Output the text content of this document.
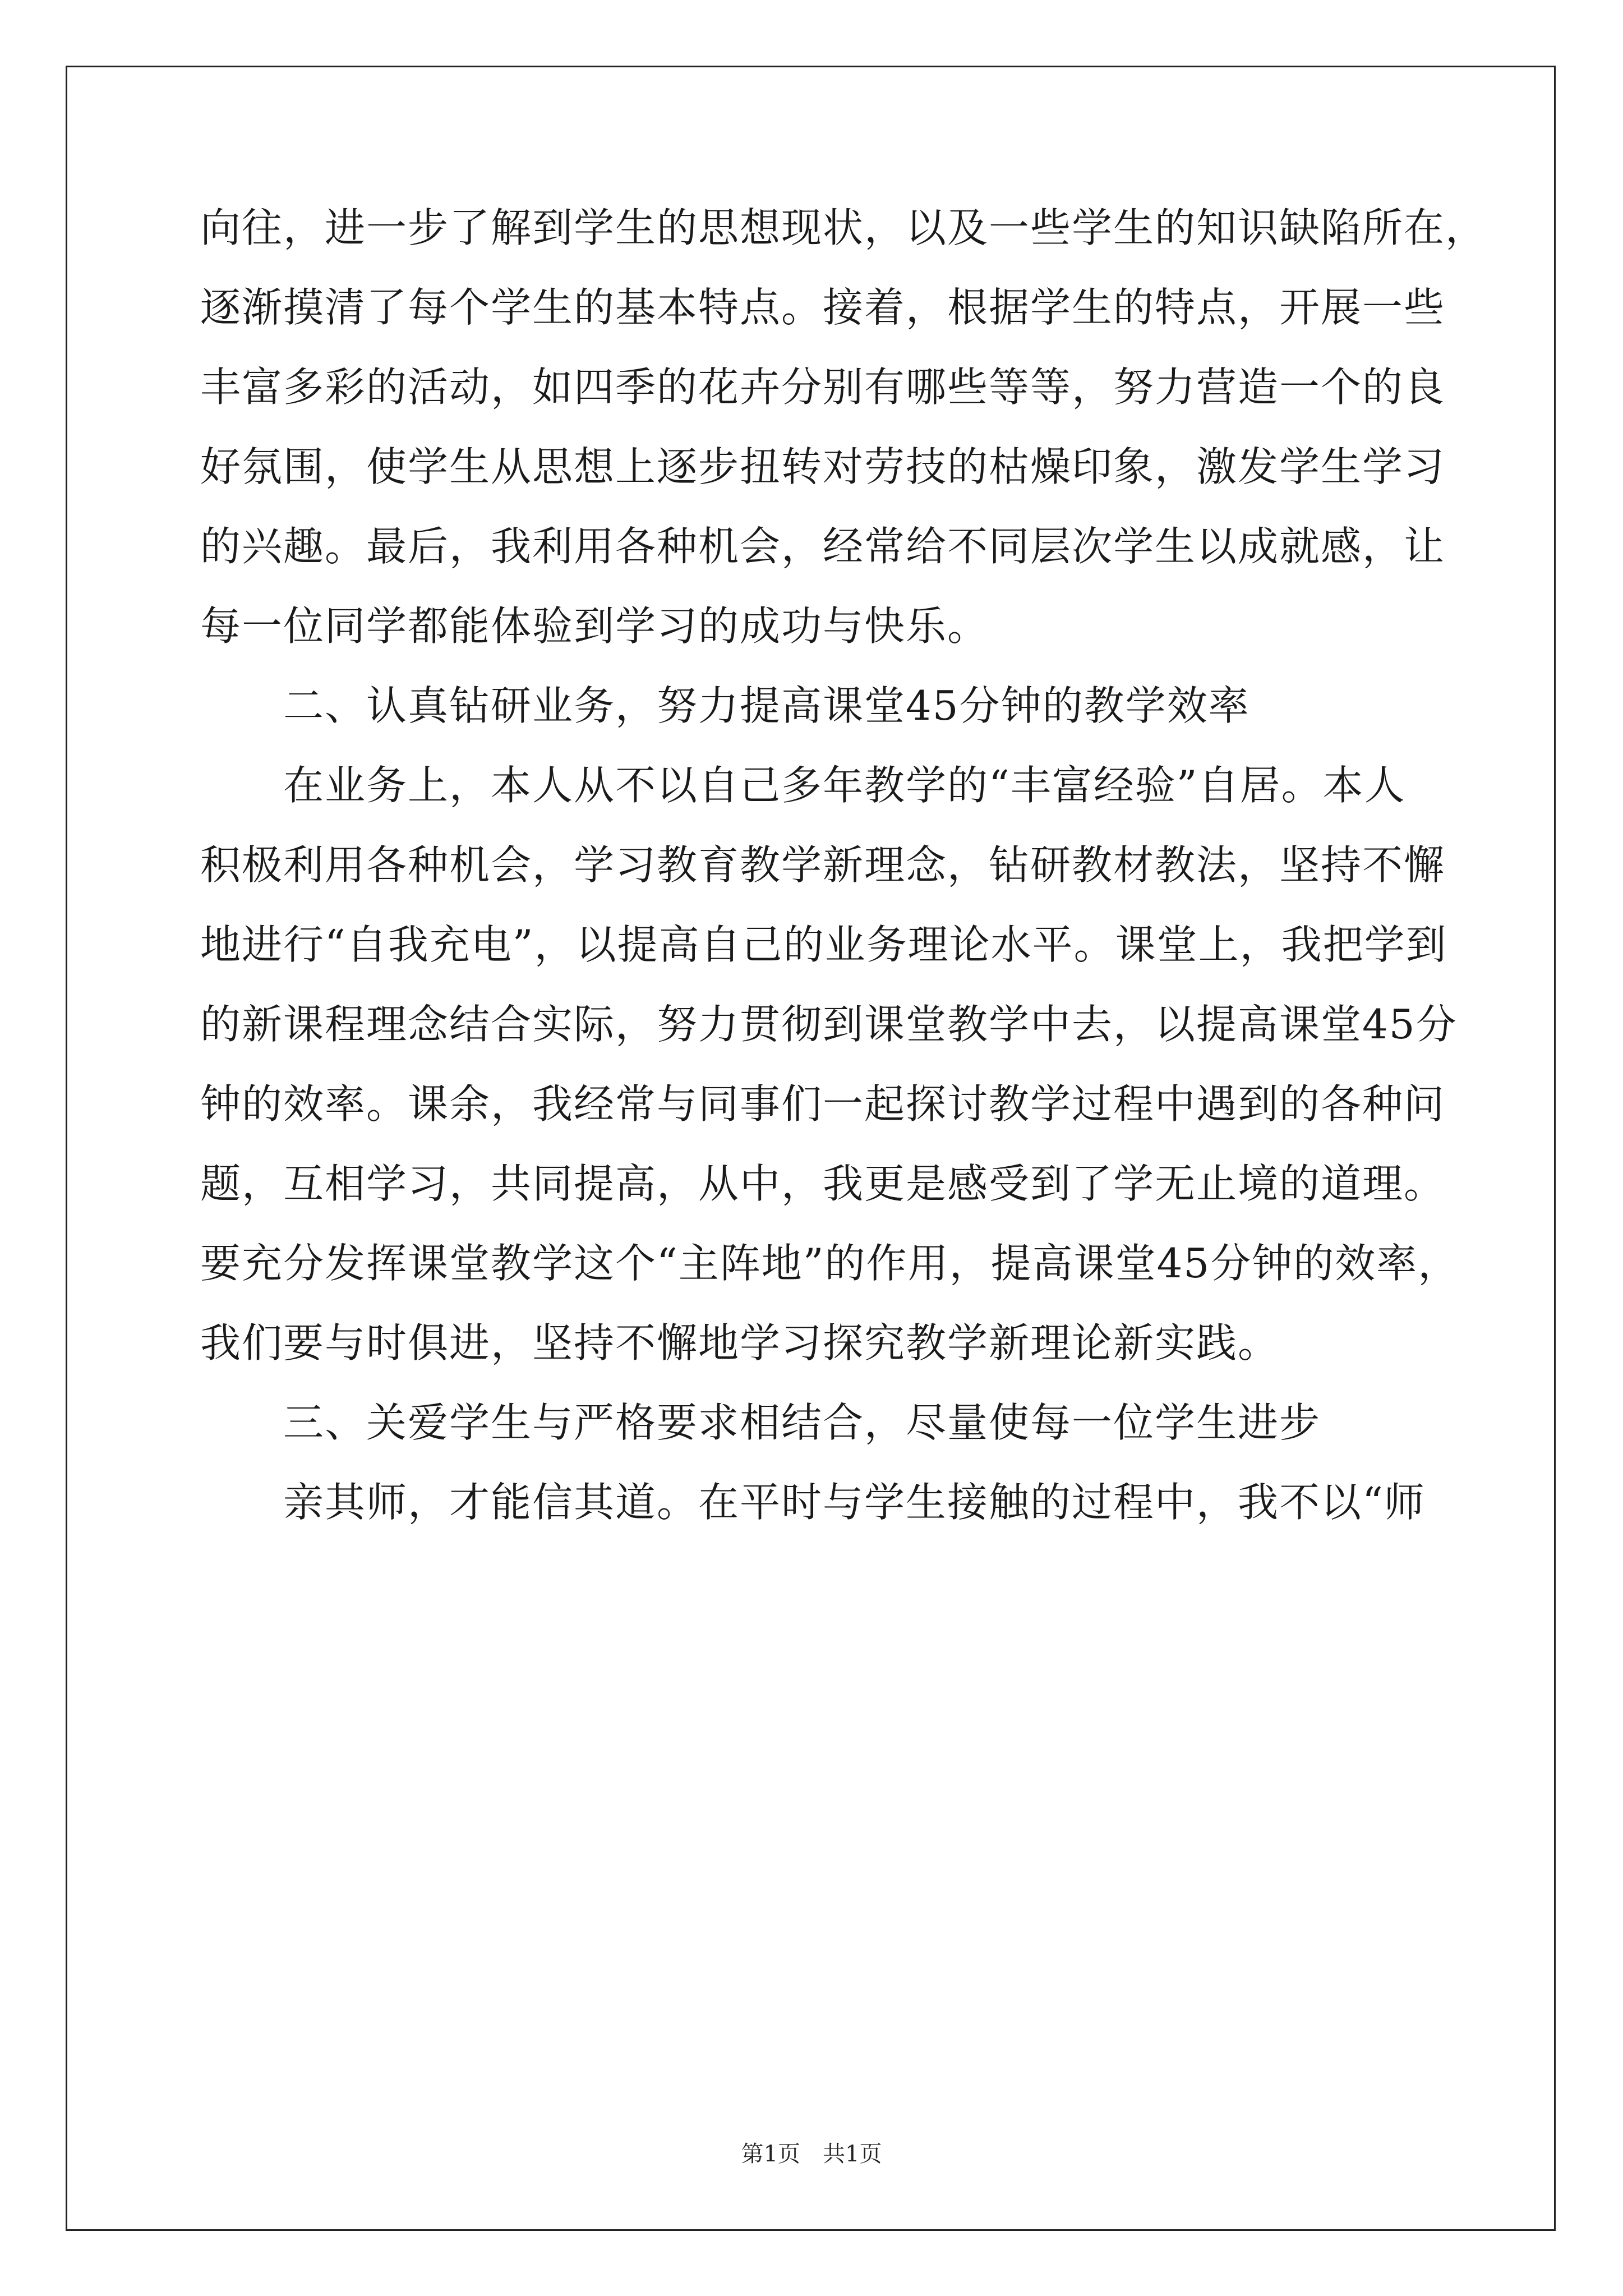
向往，进一步了解到学生的思想现状，以及一些学生的知识缺陷所在，
逐渐摸清了每个学生的基本特点。接着，根据学生的特点，开展一些
丰富多彩的活动，如四季的花卉分别有哪些等等，努力营造一个的良
好氛围，使学生从思想上逐步扭转对劳技的枯燥印象，激发学生学习
的兴趣。最后，我利用各种机会，经常给不同层次学生以成就感，让
每一位同学都能体验到学习的成功与快乐。
二、认真钻研业务，努力提高课堂45分钟的教学效率
在业务上，本人从不以自己多年教学的“丰富经验”自居。本人
积极利用各种机会，学习教育教学新理念，钻研教材教法，坚持不懈
地进行“自我充电”，以提高自己的业务理论水平。课堂上，我把学到
的新课程理念结合实际，努力贯彻到课堂教学中去，以提高课堂45分
钟的效率。课余，我经常与同事们一起探讨教学过程中遇到的各种问
题，互相学习，共同提高，从中，我更是感受到了学无止境的道理。
要充分发挥课堂教学这个“主阵地”的作用，提高课堂45分钟的效率，
我们要与时俱进，坚持不懈地学习探究教学新理论新实践。
三、关爱学生与严格要求相结合，尽量使每一位学生进步
亲其师，才能信其道。在平时与学生接触的过程中，我不以“师
第1页　共1页
